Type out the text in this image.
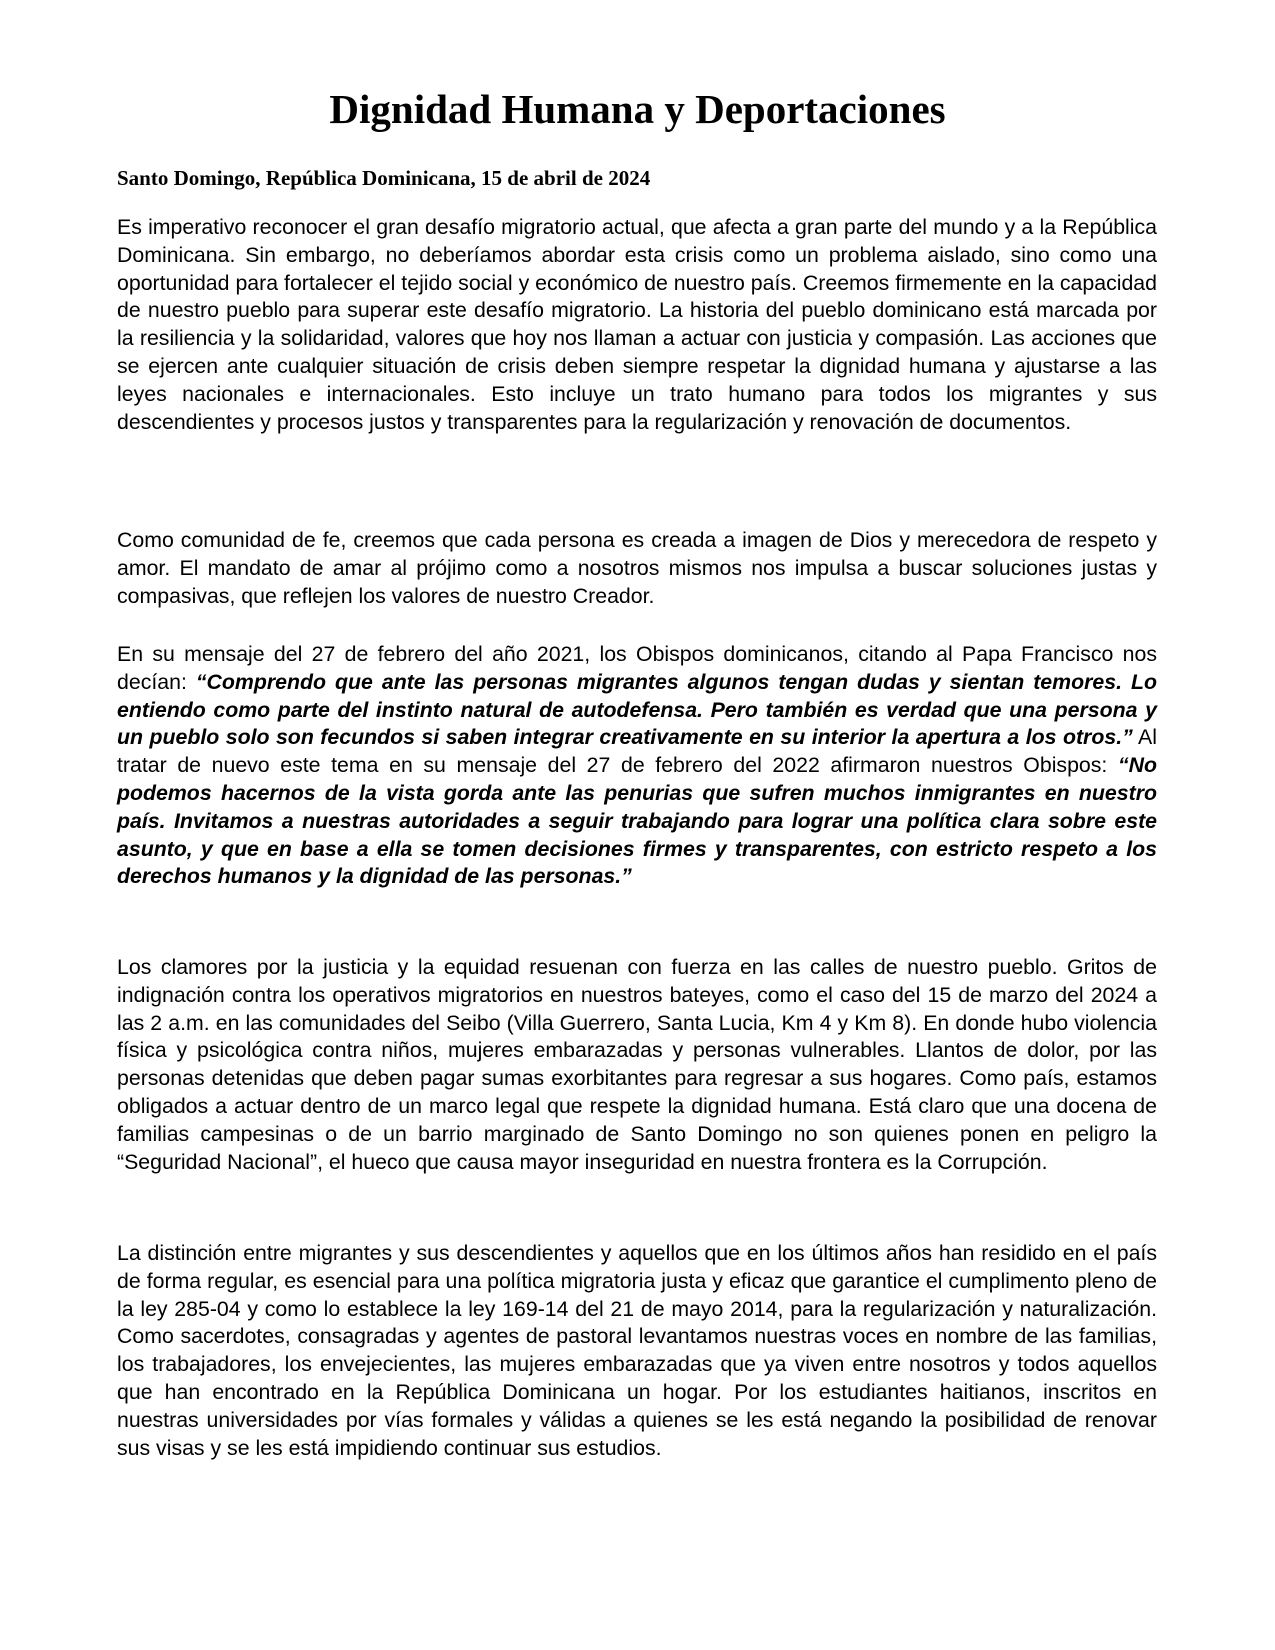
Dignidad Humana y Deportaciones

Santo Domingo, República Dominicana, 15 de abril de 2024

Es imperativo reconocer el gran desafío migratorio actual, que afecta a gran parte del mundo y a la República Dominicana. Sin embargo, no deberíamos abordar esta crisis como un problema aislado, sino como una oportunidad para fortalecer el tejido social y económico de nuestro país. Creemos firmemente en la capacidad de nuestro pueblo para superar este desafío migratorio. La historia del pueblo dominicano está marcada por la resiliencia y la solidaridad, valores que hoy nos llaman a actuar con justicia y compasión. Las acciones que se ejercen ante cualquier situación de crisis deben siempre respetar la dignidad humana y ajustarse a las leyes nacionales e internacionales. Esto incluye un trato humano para todos los migrantes y sus descendientes y procesos justos y transparentes para la regularización y renovación de documentos.

Como comunidad de fe, creemos que cada persona es creada a imagen de Dios y merecedora de respeto y amor. El mandato de amar al prójimo como a nosotros mismos nos impulsa a buscar soluciones justas y compasivas, que reflejen los valores de nuestro Creador.

En su mensaje del 27 de febrero del año 2021, los Obispos dominicanos, citando al Papa Francisco nos decían: “Comprendo que ante las personas migrantes algunos tengan dudas y sientan temores. Lo entiendo como parte del instinto natural de autodefensa. Pero también es verdad que una persona y un pueblo solo son fecundos si saben integrar creativamente en su interior la apertura a los otros.” Al tratar de nuevo este tema en su mensaje del 27 de febrero del 2022 afirmaron nuestros Obispos: “No podemos hacernos de la vista gorda ante las penurias que sufren muchos inmigrantes en nuestro país. Invitamos a nuestras autoridades a seguir trabajando para lograr una política clara sobre este asunto, y que en base a ella se tomen decisiones firmes y transparentes, con estricto respeto a los derechos humanos y la dignidad de las personas.”

Los clamores por la justicia y la equidad resuenan con fuerza en las calles de nuestro pueblo. Gritos de indignación contra los operativos migratorios en nuestros bateyes, como el caso del 15 de marzo del 2024 a las 2 a.m. en las comunidades del Seibo (Villa Guerrero, Santa Lucia, Km 4 y Km 8). En donde hubo violencia física y psicológica contra niños, mujeres embarazadas y personas vulnerables. Llantos de dolor, por las personas detenidas que deben pagar sumas exorbitantes para regresar a sus hogares. Como país, estamos obligados a actuar dentro de un marco legal que respete la dignidad humana. Está claro que una docena de familias campesinas o de un barrio marginado de Santo Domingo no son quienes ponen en peligro la “Seguridad Nacional”, el hueco que causa mayor inseguridad en nuestra frontera es la Corrupción.

La distinción entre migrantes y sus descendientes y aquellos que en los últimos años han residido en el país de forma regular, es esencial para una política migratoria justa y eficaz que garantice el cumplimento pleno de la ley 285-04 y como lo establece la ley 169-14 del 21 de mayo 2014, para la regularización y naturalización. Como sacerdotes, consagradas y agentes de pastoral levantamos nuestras voces en nombre de las familias, los trabajadores, los envejecientes, las mujeres embarazadas que ya viven entre nosotros y todos aquellos que han encontrado en la República Dominicana un hogar. Por los estudiantes haitianos, inscritos en nuestras universidades por vías formales y válidas a quienes se les está negando la posibilidad de renovar sus visas y se les está impidiendo continuar sus estudios.
